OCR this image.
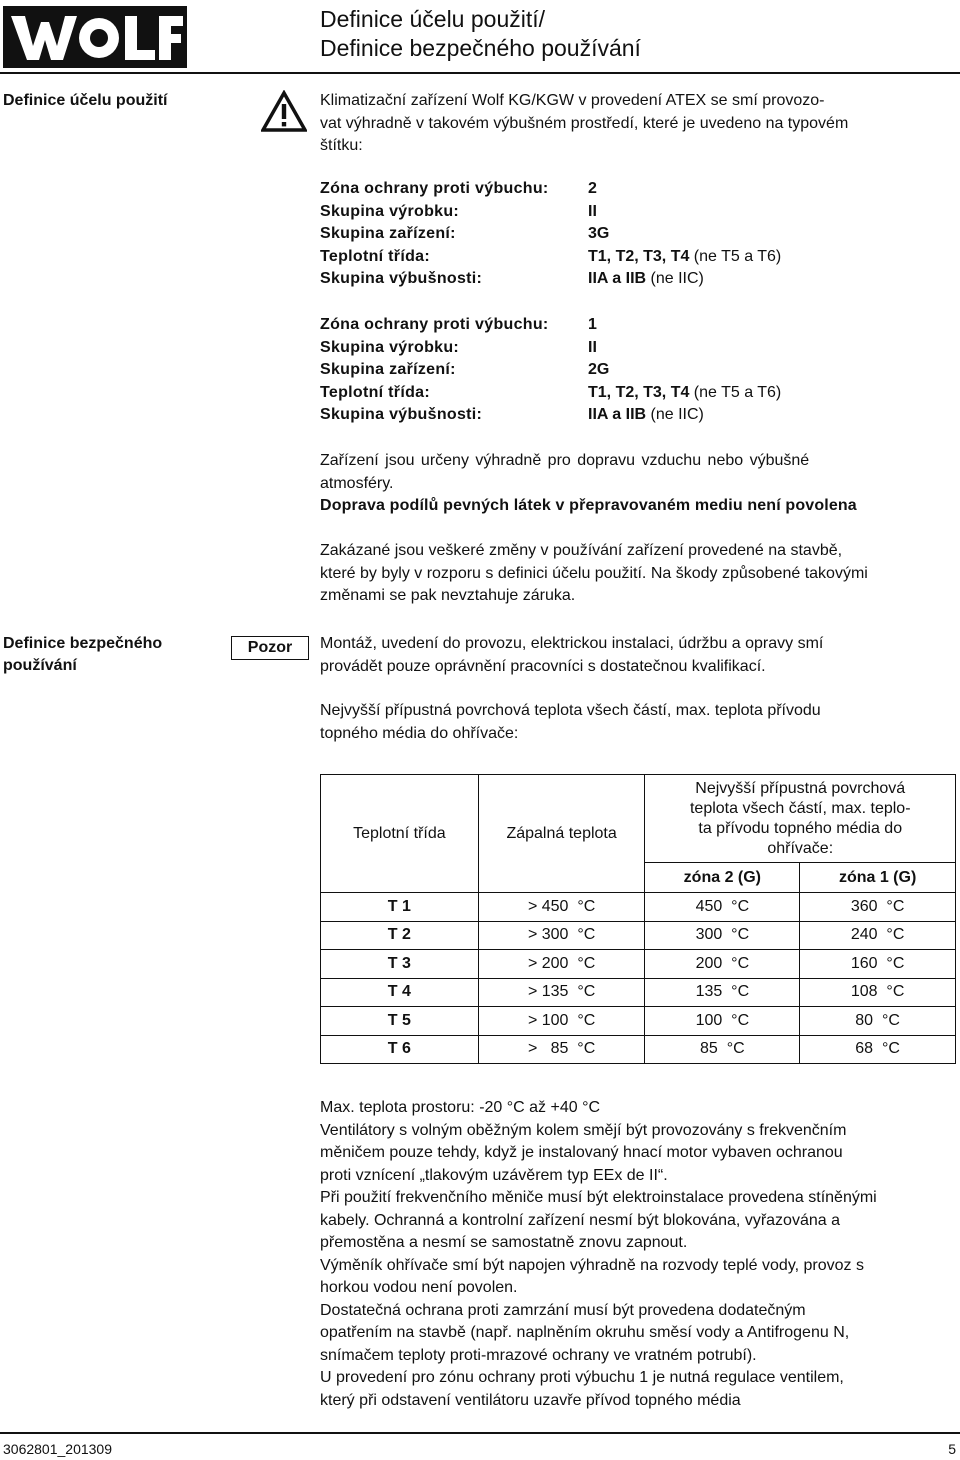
Definice účelu použití/
Definice bezpečného používání
Definice účelu použití	Klimatizační zařízení Wolf KG/KGW v provedení ATEX se smí provozo-
vat výhradně v takovém výbušném prostředí, které je uvedeno na typovém
štítku:
Zóna ochrany proti výbuchu: 2
Skupina výrobku:	II
Skupina zařízení:	3G
Teplotní třída:	T1, T2, T3, T4 (ne T5 a T6)
Skupina výbušnosti:	IIA a IIB (ne IIC)
Zóna ochrany proti výbuchu: 1
Skupina výrobku:	II
Skupina zařízení:	2G
Teplotní třída:	T1, T2, T3, T4 (ne T5 a T6)
Skupina výbušnosti:	IIA a IIB (ne IIC)
Zařízení jsou určeny výhradně pro dopravu vzduchu nebo výbušné
atmosféry.
Doprava podílů pevných látek v přepravovaném mediu není povolena
Zakázané jsou veškeré změny v používání zařízení provedené na stavbě,
které by byly v rozporu s definici účelu použití. Na škody způsobené takovými
změnami se pak nevztahuje záruka.
Definice bezpečného
používání
Pozor	Montáž, uvedení do provozu, elektrickou instalaci, údržbu a opravy smí
provádět pouze oprávnění pracovníci s dostatečnou kvalifikací.
Nejvyšší přípustná povrchová teplota všech částí, max. teplota přívodu
topného média do ohřívače:
Teplotní třída	Zápalná teplota	Nejvyšší přípustná povrchová
teplota všech částí, max. teplo-
ta přívodu topného média do
ohřívače:	

		zóna 2 (G)	zóna 1 (G)
T 1	> 450  °C	450  °C	360  °C
T 2	> 300  °C	300  °C	240  °C
T 3	> 200  °C	200  °C	160  °C
T 4	> 135  °C	135  °C	108  °C
T 5	> 100  °C	100  °C	80  °C
T 6	>   85  °C	85  °C	68  °C

Max. teplota prostoru: -20 °C až +40 °C

Ventilátory s volným oběžným kolem smějí být provozovány s frekvenčním

měničem pouze tehdy, když je instalovaný hnací motor vybaven ochranou

proti vznícení „tlakovým uzávěrem typ EEx de II“.

Při použití frekvenčního měniče musí být elektroinstalace provedena stíněnými

kabely. Ochranná a kontrolní zařízení nesmí být blokována, vyřazována a

přemostěna a nesmí se samostatně znovu zapnout.

Výměník ohřívače smí být napojen výhradně na rozvody teplé vody, provoz s

horkou vodou není povolen.

Dostatečná ochrana proti zamrzání musí být provedena dodatečným

opatřením na stavbě (např. naplněním okruhu směsí vody a Antifrogenu N,

snímačem teploty proti-mrazové ochrany ve vratném potrubí).

U provedení pro zónu ochrany proti výbuchu 1 je nutná regulace ventilem,

který při odstavení ventilátoru uzavře přívod topného média

3062801_201309	5
